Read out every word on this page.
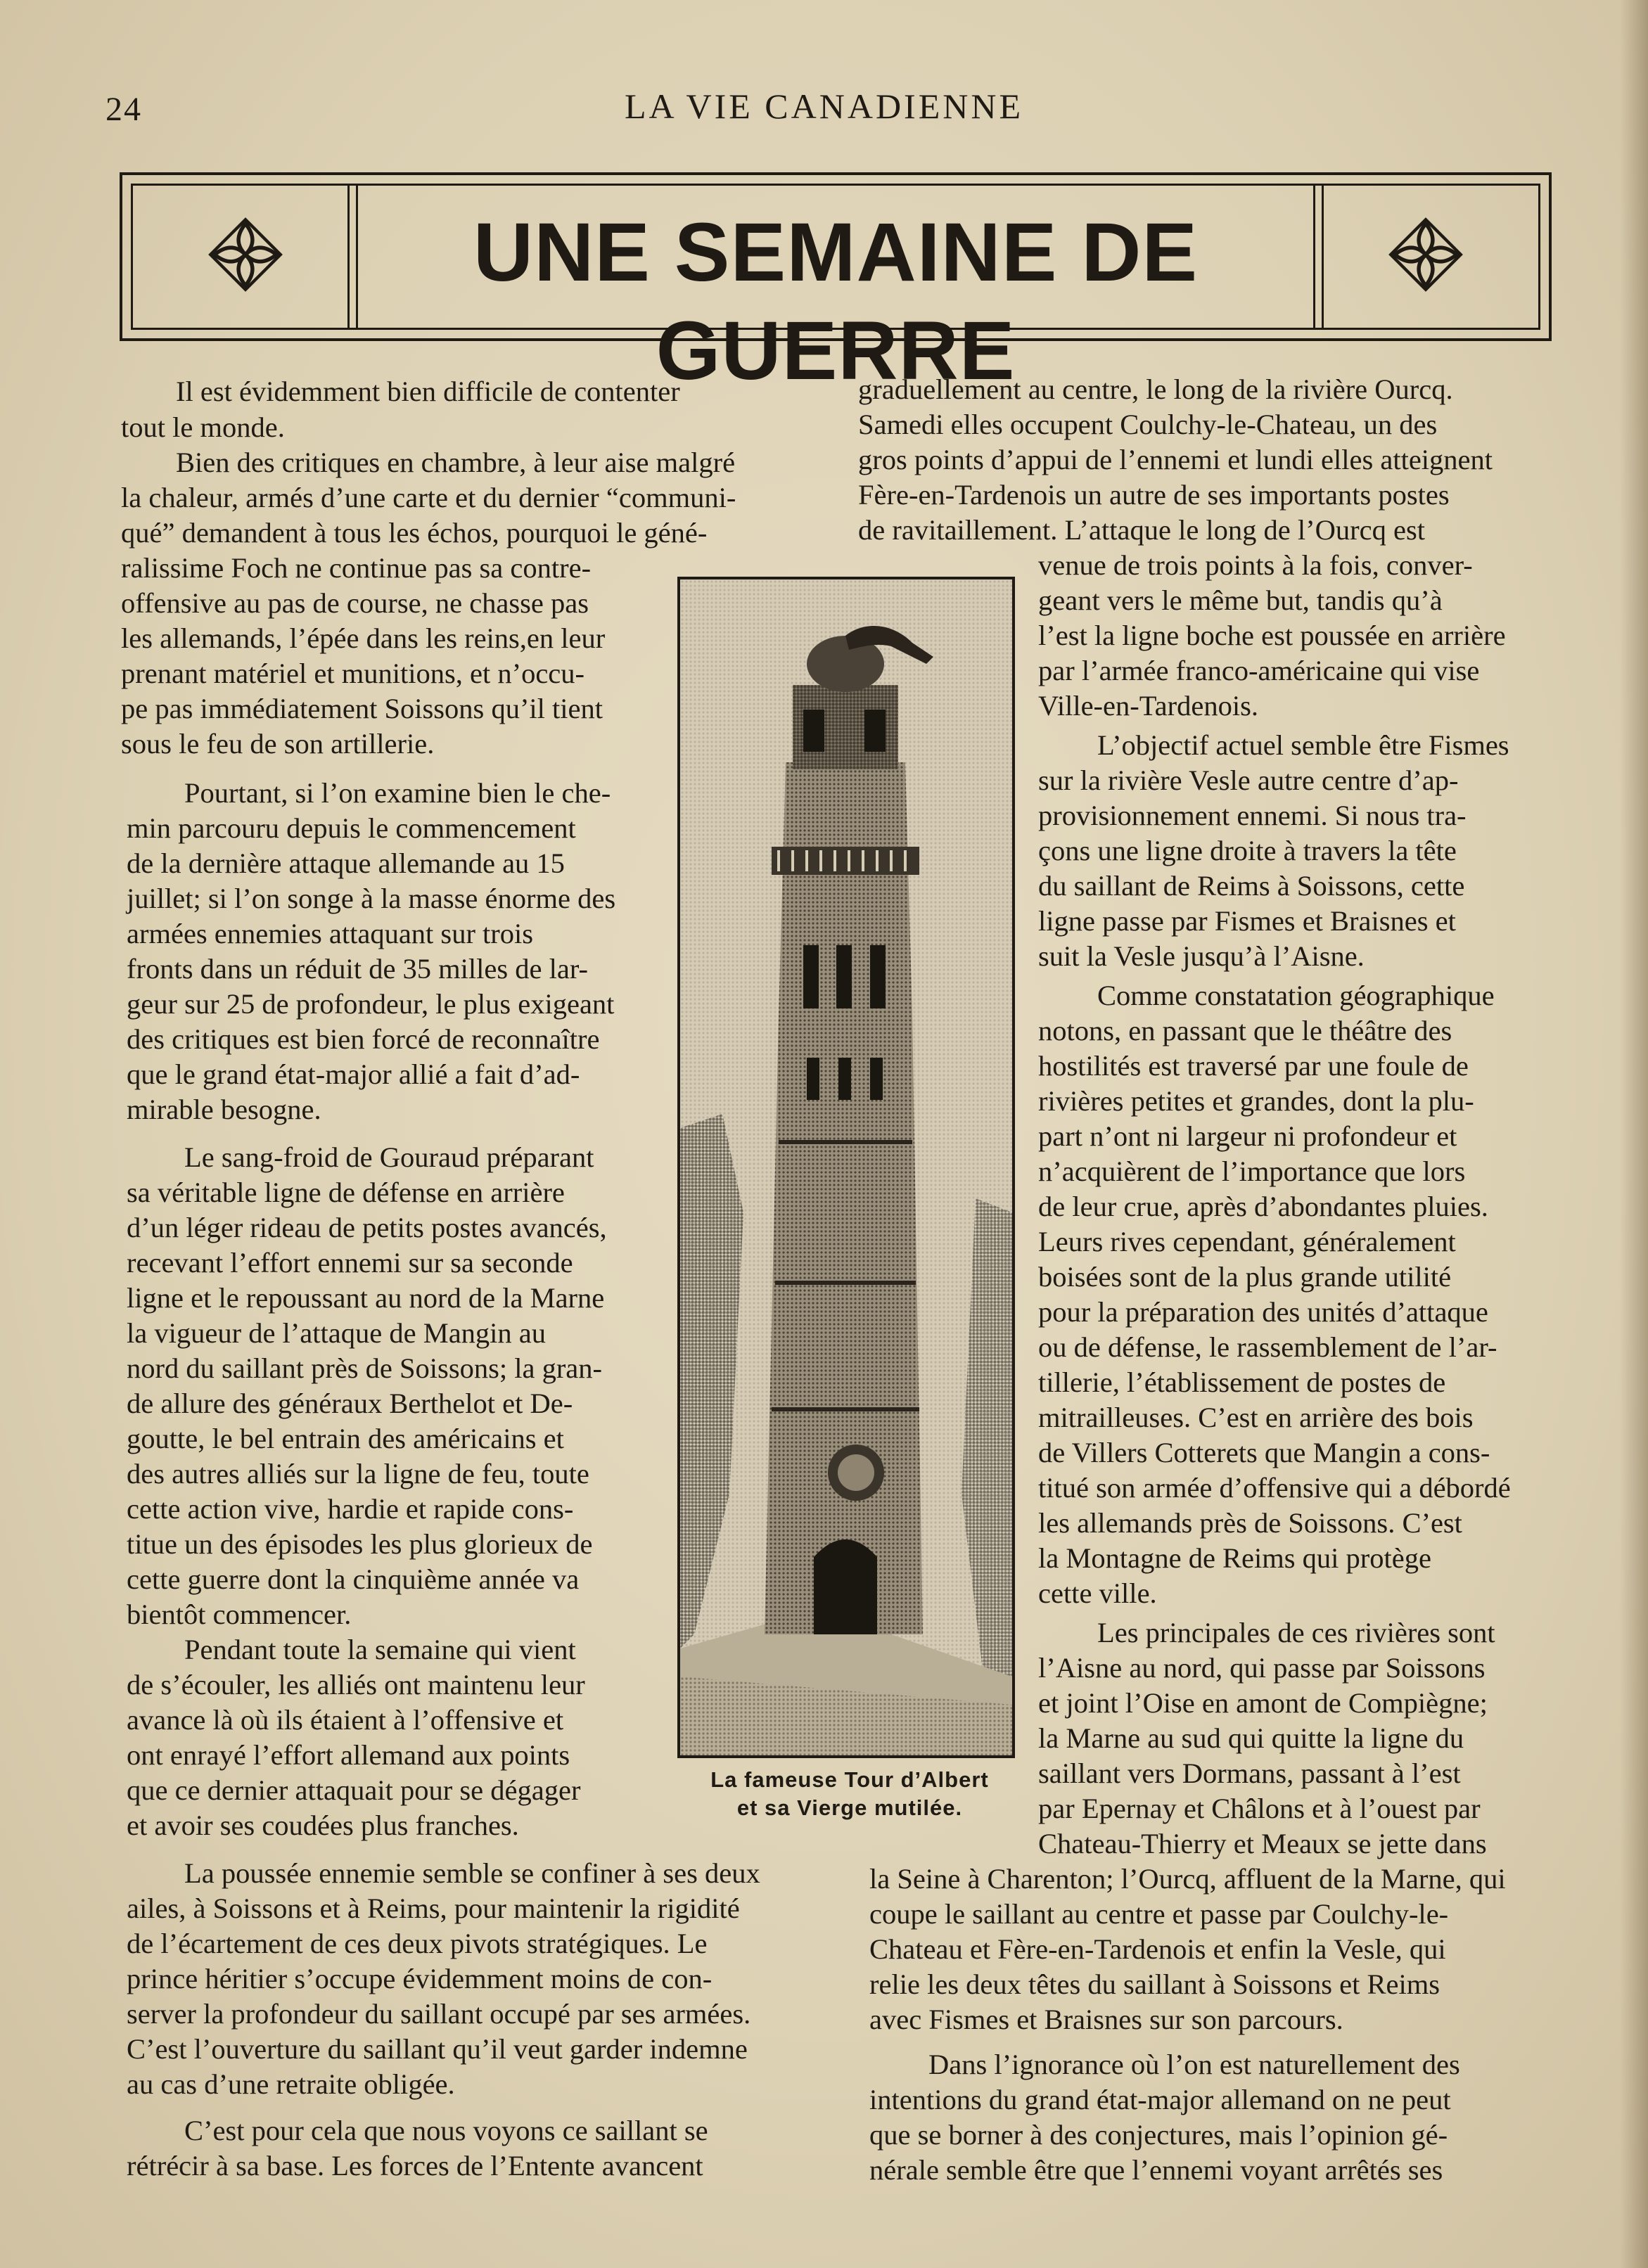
24	LA VIE CANADIENNE
UNE SEMAINE DE GUERRE
Il est évidemment bien difficile de contenter
tout le monde.
Bien des critiques en chambre, à leur aise malgré
la chaleur, armés d’une carte et du dernier “communi-
qué” demandent à tous les échos, pourquoi le géné-
ralissime Foch ne continue pas sa contre-
offensive au pas de course, ne chasse pas
les allemands, l’épée dans les reins,en leur
prenant matériel et munitions, et n’occu-
pe pas immédiatement Soissons qu’il tient
sous le feu de son artillerie.
Pourtant, si l’on examine bien le che-
min parcouru depuis le commencement
de la dernière attaque allemande au 15
juillet; si l’on songe à la masse énorme des
armées ennemies attaquant sur trois
fronts dans un réduit de 35 milles de lar-
geur sur 25 de profondeur, le plus exigeant
des critiques est bien forcé de reconnaître
que le grand état-major allié a fait d’ad-
mirable besogne.
Le sang-froid de Gouraud préparant
sa véritable ligne de défense en arrière
d’un léger rideau de petits postes avancés,
recevant l’effort ennemi sur sa seconde
ligne et le repoussant au nord de la Marne
la vigueur de l’attaque de Mangin au
nord du saillant près de Soissons; la gran-
de allure des généraux Berthelot et De-
goutte, le bel entrain des américains et
des autres alliés sur la ligne de feu, toute
cette action vive, hardie et rapide cons-
titue un des épisodes les plus glorieux de
cette guerre dont la cinquième année va
bientôt commencer.
Pendant toute la semaine qui vient
de s’écouler, les alliés ont maintenu leur
avance là où ils étaient à l’offensive et
ont enrayé l’effort allemand aux points
que ce dernier attaquait pour se dégager
et avoir ses coudées plus franches.
La poussée ennemie semble se confiner à ses deux
ailes, à Soissons et à Reims, pour maintenir la rigidité
de l’écartement de ces deux pivots stratégiques. Le
prince héritier s’occupe évidemment moins de con-
server la profondeur du saillant occupé par ses armées.
C’est l’ouverture du saillant qu’il veut garder indemne
au cas d’une retraite obligée.
C’est pour cela que nous voyons ce saillant se
rétrécir à sa base. Les forces de l’Entente avancent
La fameuse Tour d’Albert
et sa Vierge mutilée.
graduellement au centre, le long de la rivière Ourcq.
Samedi elles occupent Coulchy-le-Chateau, un des
gros points d’appui de l’ennemi et lundi elles atteignent
Fère-en-Tardenois un autre de ses importants postes
de ravitaillement. L’attaque le long de l’Ourcq est
venue de trois points à la fois, conver-
geant vers le même but, tandis qu’à
l’est la ligne boche est poussée en arrière
par l’armée franco-américaine qui vise
Ville-en-Tardenois.
L’objectif actuel semble être Fismes
sur la rivière Vesle autre centre d’ap-
provisionnement ennemi. Si nous tra-
çons une ligne droite à travers la tête
du saillant de Reims à Soissons, cette
ligne passe par Fismes et Braisnes et
suit la Vesle jusqu’à l’Aisne.
Comme constatation géographique
notons, en passant que le théâtre des
hostilités est traversé par une foule de
rivières petites et grandes, dont la plu-
part n’ont ni largeur ni profondeur et
n’acquièrent de l’importance que lors
de leur crue, après d’abondantes pluies.
Leurs rives cependant, généralement
boisées sont de la plus grande utilité
pour la préparation des unités d’attaque
ou de défense, le rassemblement de l’ar-
tillerie, l’établissement de postes de
mitrailleuses. C’est en arrière des bois
de Villers Cotterets que Mangin a cons-
titué son armée d’offensive qui a débordé
les allemands près de Soissons. C’est
la Montagne de Reims qui protège
cette ville.
Les principales de ces rivières sont
l’Aisne au nord, qui passe par Soissons
et joint l’Oise en amont de Compiègne;
la Marne au sud qui quitte la ligne du
saillant vers Dormans, passant à l’est
par Epernay et Châlons et à l’ouest par
Chateau-Thierry et Meaux se jette dans
la Seine à Charenton; l’Ourcq, affluent de la Marne, qui
coupe le saillant au centre et passe par Coulchy-le-
Chateau et Fère-en-Tardenois et enfin la Vesle, qui
relie les deux têtes du saillant à Soissons et Reims
avec Fismes et Braisnes sur son parcours.
Dans l’ignorance où l’on est naturellement des
intentions du grand état-major allemand on ne peut
que se borner à des conjectures, mais l’opinion gé-
nérale semble être que l’ennemi voyant arrêtés ses
